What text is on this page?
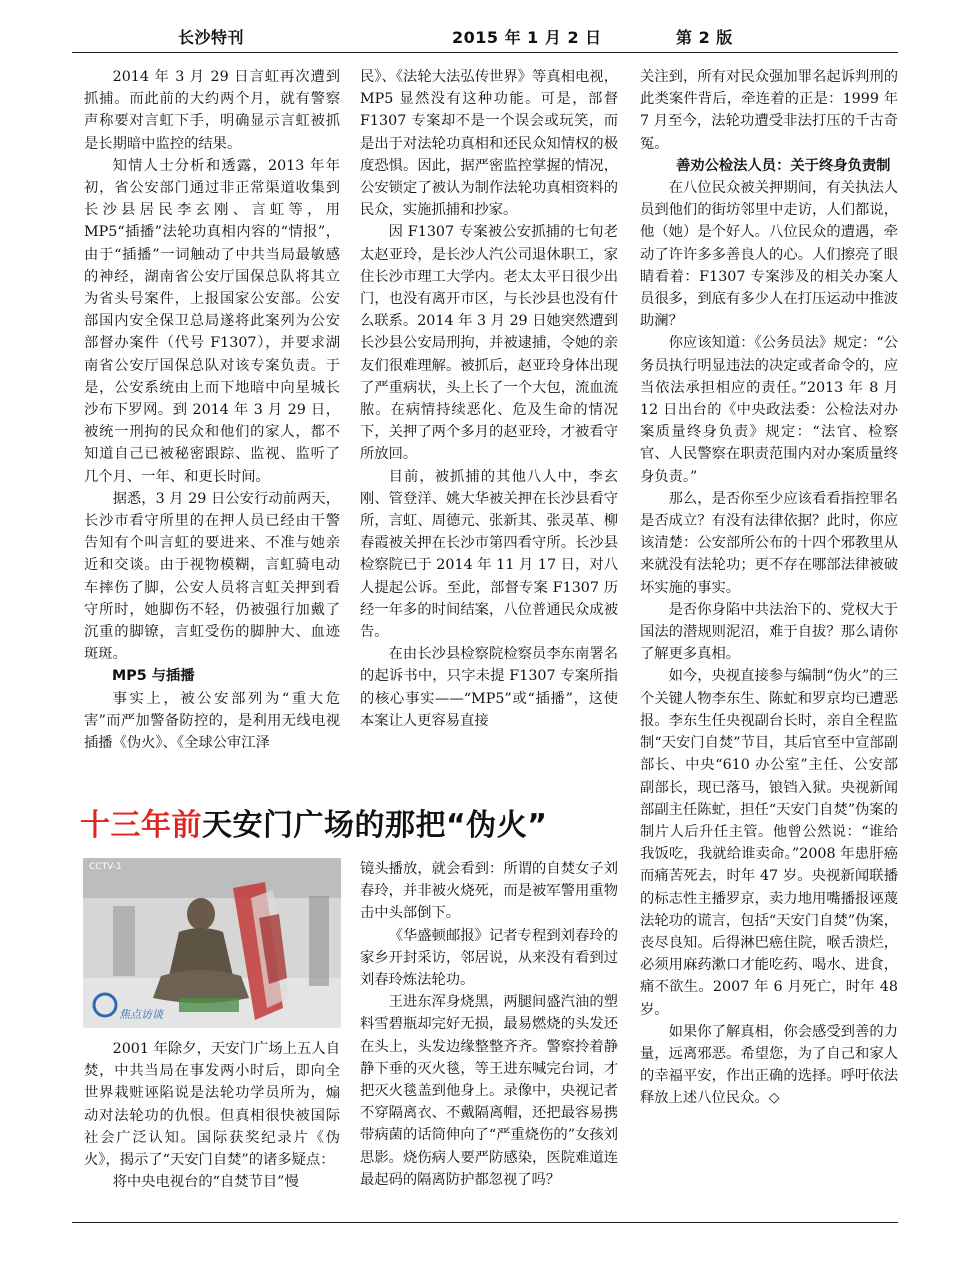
长沙特刊	2015 年 1 月 2 日	第 2 版

2014 年 3 月 29 日言虹再次遭到抓捕。而此前的大约两个月，就有警察声称要对言虹下手，明确显示言虹被抓是长期暗中监控的结果。

知情人士分析和透露，2013 年年初，省公安部门通过非正常渠道收集到长沙县居民李玄刚、言虹等，用 MP5“插播”法轮功真相内容的“情报”，由于“插播”一词触动了中共当局最敏感的神经，湖南省公安厅国保总队将其立为省头号案件，上报国家公安部。公安部国内安全保卫总局遂将此案列为公安部督办案件（代号 F1307），并要求湖南省公安厅国保总队对该专案负责。于是，公安系统由上而下地暗中向星城长沙布下罗网。到 2014 年 3 月 29 日，被统一刑拘的民众和他们的家人，都不知道自己已被秘密跟踪、监视、监听了几个月、一年、和更长时间。

据悉，3 月 29 日公安行动前两天，长沙市看守所里的在押人员已经由干警告知有个叫言虹的要进来、不准与她亲近和交谈。由于视物模糊，言虹骑电动车摔伤了脚，公安人员将言虹关押到看守所时，她脚伤不轻，仍被强行加戴了沉重的脚镣，言虹受伤的脚肿大、血迹斑斑。

MP5 与插播

事实上，被公安部列为“重大危害”而严加警备防控的，是利用无线电视插播《伪火》、《全球公审江泽

民》、《法轮大法弘传世界》等真相电视，MP5 显然没有这种功能。可是，部督 F1307 专案却不是一个误会或玩笑，而是出于对法轮功真相和还民众知情权的极度恐惧。因此，据严密监控掌握的情况，公安锁定了被认为制作法轮功真相资料的民众，实施抓捕和抄家。

因 F1307 专案被公安抓捕的七旬老太赵亚玲，是长沙人汽公司退休职工，家住长沙市理工大学内。老太太平日很少出门，也没有离开市区，与长沙县也没有什么联系。2014 年 3 月 29 日她突然遭到长沙县公安局刑拘，并被逮捕，令她的亲友们很难理解。被抓后，赵亚玲身体出现了严重病状，头上长了一个大包，流血流脓。在病情持续恶化、危及生命的情况下，关押了两个多月的赵亚玲，才被看守所放回。

目前，被抓捕的其他八人中，李玄刚、管登洋、姚大华被关押在长沙县看守所，言虹、周德元、张新其、张灵革、柳春霞被关押在长沙市第四看守所。长沙县检察院已于 2014 年 11 月 17 日，对八人提起公诉。至此，部督专案 F1307 历经一年多的时间结案，八位普通民众成被告。

在由长沙县检察院检察员李东南署名的起诉书中，只字未提 F1307 专案所指的核心事实——“MP5”或“插播”，这使本案让人更容易直接

关注到，所有对民众强加罪名起诉判刑的此类案件背后，牵连着的正是：1999 年 7 月至今，法轮功遭受非法打压的千古奇冤。

善劝公检法人员：关于终身负责制

在八位民众被关押期间，有关执法人员到他们的街坊邻里中走访，人们都说，他（她）是个好人。八位民众的遭遇，牵动了许许多多善良人的心。人们擦亮了眼睛看着：F1307 专案涉及的相关办案人员很多，到底有多少人在打压运动中推波助澜？

你应该知道：《公务员法》规定：“公务员执行明显违法的决定或者命令的，应当依法承担相应的责任。”2013 年 8 月 12 日出台的《中央政法委：公检法对办案质量终身负责》规定：“法官、检察官、人民警察在职责范围内对办案质量终身负责。”

那么，是否你至少应该看看指控罪名是否成立？有没有法律依据？此时，你应该清楚：公安部所公布的十四个邪教里从来就没有法轮功；更不存在哪部法律被破坏实施的事实。

是否你身陷中共法治下的、党权大于国法的潜规则泥沼，难于自拔？那么请你了解更多真相。

如今，央视直接参与编制“伪火”的三个关键人物李东生、陈虻和罗京均已遭恶报。李东生任央视副台长时，亲自全程监制“天安门自焚”节目，其后官至中宣部副部长、中央“610 办公室”主任、公安部副部长，现已落马，锒铛入狱。央视新闻部副主任陈虻，担任“天安门自焚”伪案的制片人后升任主管。他曾公然说：“谁给我饭吃，我就给谁卖命。”2008 年患肝癌而痛苦死去，时年 47 岁。央视新闻联播的标志性主播罗京，卖力地用嘴播报诬蔑法轮功的谎言，包括“天安门自焚”伪案，丧尽良知。后得淋巴癌住院，喉舌溃烂，必须用麻药漱口才能吃药、喝水、进食，痛不欲生。2007 年 6 月死亡，时年 48 岁。

如果你了解真相，你会感受到善的力量，远离邪恶。希望您，为了自己和家人的幸福平安，作出正确的选择。呼吁依法释放上述八位民众。◇

十三年前天安门广场的那把“伪火”
CCTV-1
焦点访谈

2001 年除夕，天安门广场上五人自焚，中共当局在事发两小时后，即向全世界栽赃诬陷说是法轮功学员所为，煽动对法轮功的仇恨。但真相很快被国际社会广泛认知。国际获奖纪录片《伪火》，揭示了“天安门自焚”的诸多疑点：

将中央电视台的“自焚节目”慢

镜头播放，就会看到：所谓的自焚女子刘春玲，并非被火烧死，而是被军警用重物击中头部倒下。

《华盛顿邮报》记者专程到刘春玲的家乡开封采访，邻居说，从来没有看到过刘春玲炼法轮功。

王进东浑身烧黑，两腿间盛汽油的塑料雪碧瓶却完好无损，最易燃烧的头发还在头上，头发边缘整整齐齐。警察拎着静静下垂的灭火毯，等王进东喊完台词，才把灭火毯盖到他身上。录像中，央视记者不穿隔离衣、不戴隔离帽，还把最容易携带病菌的话筒伸向了“严重烧伤的”女孩刘思影。烧伤病人要严防感染，医院难道连最起码的隔离防护都忽视了吗？
